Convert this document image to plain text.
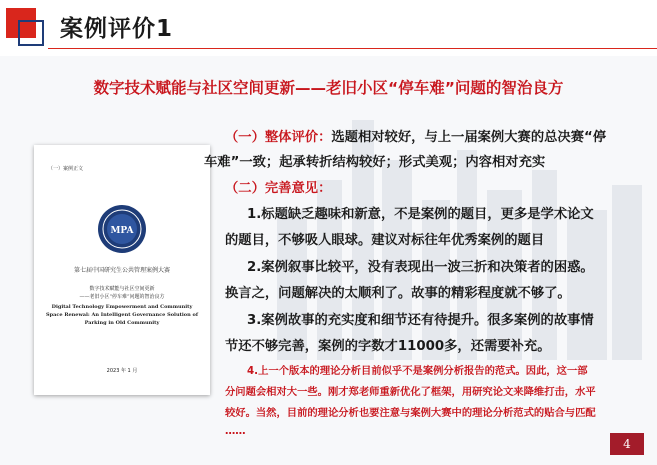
案例评价1
数字技术赋能与社区空间更新——老旧小区“停车难”问题的智治良方
（一）案例正文
MPA
第七届中国研究生公共管理案例大赛
数字技术赋能与社区空间更新
——老旧小区“停车难”问题的智治良方
Digital Technology Empowerment and Community Space Renewal: An Intelligent Governance Solution of Parking in Old Community
2023 年 1 月
（一）整体评价：选题相对较好，与上一届案例大赛的总决赛“停
车难”一致；起承转折结构较好；形式美观；内容相对充实
（二）完善意见：
1.标题缺乏趣味和新意，不是案例的题目，更多是学术论文
的题目，不够吸人眼球。建议对标往年优秀案例的题目
2.案例叙事比较平，没有表现出一波三折和决策者的困惑。
换言之，问题解决的太顺利了。故事的精彩程度就不够了。
3.案例故事的充实度和细节还有待提升。很多案例的故事情
节还不够完善，案例的字数才11000多，还需要补充。
4.上一个版本的理论分析目前似乎不是案例分析报告的范式。因此，这一部
分问题会相对大一些。刚才郑老师重新优化了框架，用研究论文来降维打击，水平
较好。当然，目前的理论分析也要注意与案例大赛中的理论分析范式的贴合与匹配
……
4
